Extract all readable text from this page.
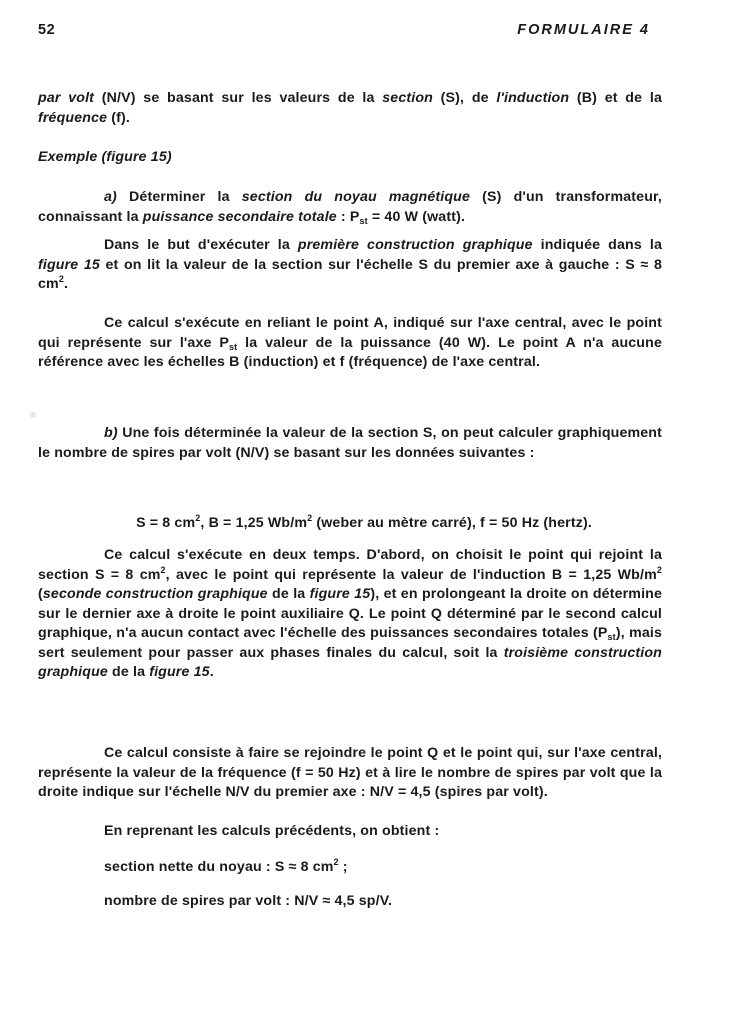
52	FORMULAIRE 4

par volt (N/V) se basant sur les valeurs de la section (S), de l'induction (B) et de la fréquence (f).

Exemple (figure 15)

a) Déterminer la section du noyau magnétique (S) d'un transformateur, connaissant la puissance secondaire totale : $P_{st} = 40$ W (watt).

Dans le but d'exécuter la première construction graphique indiquée dans la figure 15 et on lit la valeur de la section sur l'échelle S du premier axe à gauche : S ≈ 8 $cm^2$.

Ce calcul s'exécute en reliant le point A, indiqué sur l'axe central, avec le point qui représente sur l'axe $P_{st}$ la valeur de la puissance (40 W). Le point A n'a aucune référence avec les échelles B (induction) et f (fréquence) de l'axe central.

b) Une fois déterminée la valeur de la section S, on peut calculer graphiquement le nombre de spires par volt (N/V) se basant sur les données suivantes :

S = 8 $cm^2$, B = 1,25 $Wb/m^2$ (weber au mètre carré), f = 50 Hz (hertz).

Ce calcul s'exécute en deux temps. D'abord, on choisit le point qui rejoint la section S = 8 $cm^2$, avec le point qui représente la valeur de l'induction B = 1,25 $Wb/m^2$ (seconde construction graphique de la figure 15), et en prolongeant la droite on détermine sur le dernier axe à droite le point auxiliaire Q. Le point Q déterminé par le second calcul graphique, n'a aucun contact avec l'échelle des puissances secondaires totales $(P_{st})$, mais sert seulement pour passer aux phases finales du calcul, soit la troisième construction graphique de la figure 15.

Ce calcul consiste à faire se rejoindre le point Q et le point qui, sur l'axe central, représente la valeur de la fréquence (f = 50 Hz) et à lire le nombre de spires par volt que la droite indique sur l'échelle N/V du premier axe : N/V = 4,5 (spires par volt).

En reprenant les calculs précédents, on obtient :

section nette du noyau : S ≈ 8 $cm^2$ ;
nombre de spires par volt : N/V ≈ 4,5 sp/V.
